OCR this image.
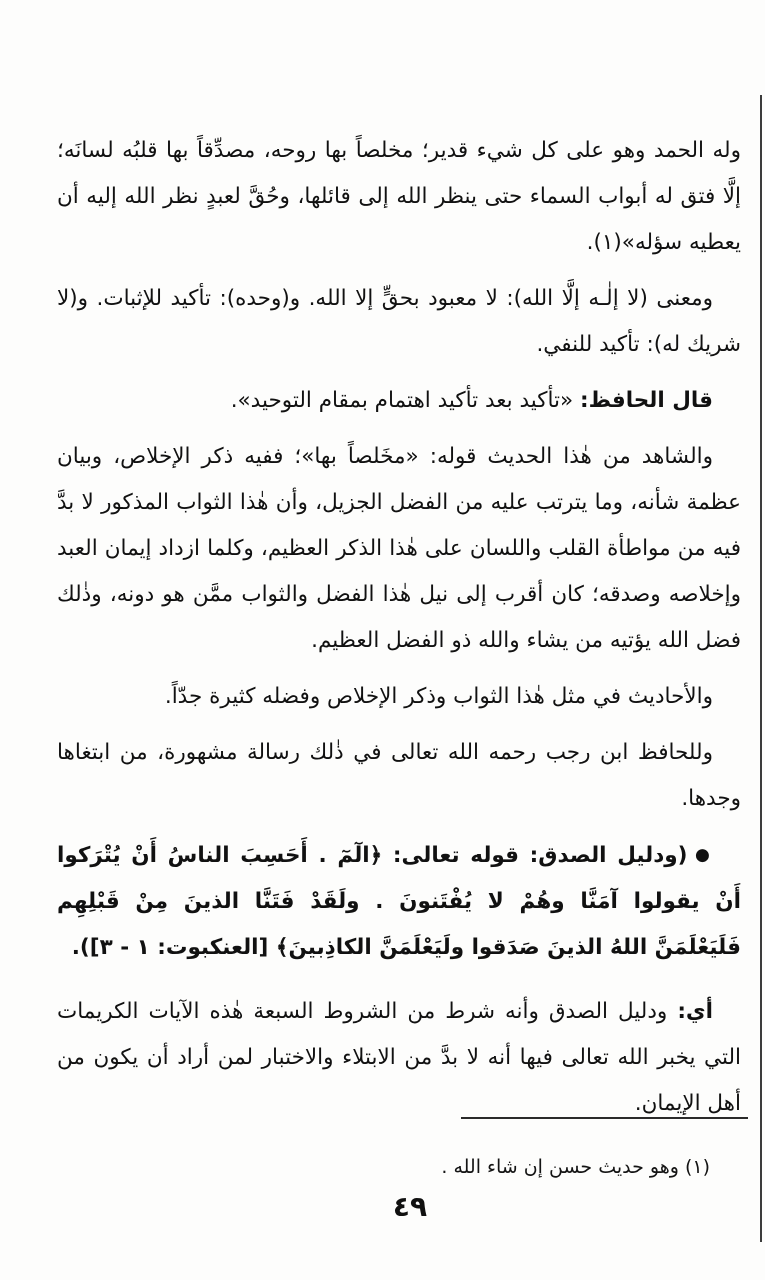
وله الحمد وهو على كل شيء قدير؛ مخلصاً بها روحه، مصدِّقاً بها قلبُه لسانَه؛ إلَّا فتق له أبواب السماء حتى ينظر الله إلى قائلها، وحُقَّ لعبدٍ نظر الله إليه أن يعطيه سؤله»(١).

ومعنى (لا إلٰـه إلَّا الله): لا معبود بحقٍّ إلا الله. و(وحده): تأكيد للإثبات. و(لا شريك له): تأكيد للنفي.

قال الحافظ: «تأكيد بعد تأكيد اهتمام بمقام التوحيد».

والشاهد من هٰذا الحديث قوله: «مخَلصاً بها»؛ ففيه ذكر الإخلاص، وبيان عظمة شأنه، وما يترتب عليه من الفضل الجزيل، وأن هٰذا الثواب المذكور لا بدَّ فيه من مواطأة القلب واللسان على هٰذا الذكر العظيم، وكلما ازداد إيمان العبد وإخلاصه وصدقه؛ كان أقرب إلى نيل هٰذا الفضل والثواب ممَّن هو دونه، وذٰلك فضل الله يؤتيه من يشاء والله ذو الفضل العظيم.

والأحاديث في مثل هٰذا الثواب وذكر الإخلاص وفضله كثيرة جدّاً.

وللحافظ ابن رجب رحمه الله تعالى في ذٰلك رسالة مشهورة، من ابتغاها وجدها.

● (ودليل الصدق: قوله تعالى: ﴿الٓمٓ . أَحَسِبَ الناسُ أَنْ يُتْرَكوا أَنْ يقولوا آمَنَّا وهُمْ لا يُفْتَنونَ . ولَقَدْ فَتَنَّا الذينَ مِنْ قَبْلِهِم فَلَيَعْلَمَنَّ اللهُ الذينَ صَدَقوا ولَيَعْلَمَنَّ الكاذِبينَ﴾ [العنكبوت: ١ - ٣]).

أي: ودليل الصدق وأنه شرط من الشروط السبعة هٰذه الآيات الكريمات التي يخبر الله تعالى فيها أنه لا بدَّ من الابتلاء والاختبار لمن أراد أن يكون من أهل الإيمان.

(١) وهو حديث حسن إن شاء الله .

٤٩
